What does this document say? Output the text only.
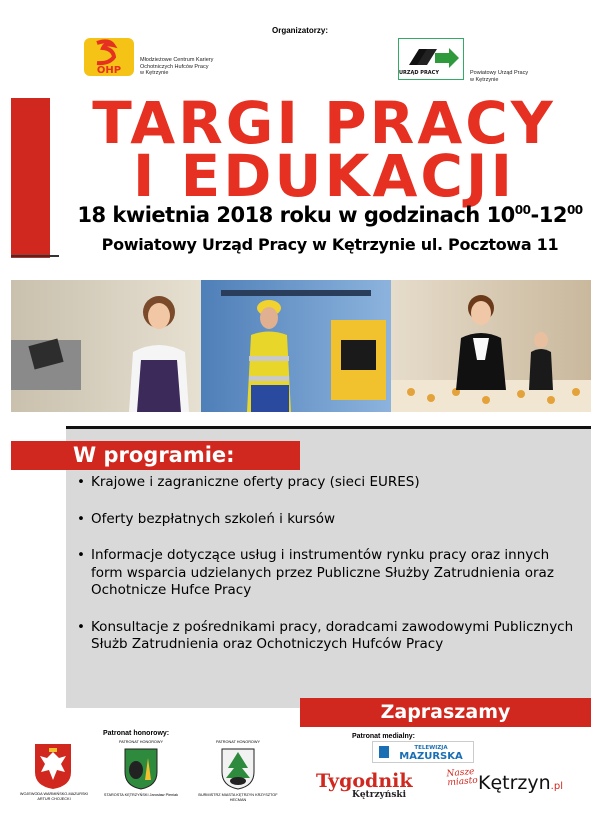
Organizatorzy:
OHP
Młodzieżowe Centrum Kariery
Ochotniczych Hufców Pracy
w Kętrzynie	URZĄD PRACY	Powiatowy Urząd Pracy
w Kętrzynie
TARGI PRACY
I EDUKACJI
18 kwietnia 2018 roku w godzinach $10^{00}-12^{00}$
Powiatowy Urząd Pracy w Kętrzynie ul. Pocztowa 11
W programie:
• Krajowe i zagraniczne oferty pracy (sieci EURES)
• Oferty bezpłatnych szkoleń i kursów
• Informacje dotyczące usług i instrumentów rynku pracy oraz innych form wsparcia udzielanych przez Publiczne Służby Zatrudnienia oraz Ochotnicze Hufce Pracy
• Konsultacje z pośrednikami pracy, doradcami zawodowymi Publicznych Służb Zatrudnienia oraz Ochotniczych Hufców Pracy
Zapraszamy
Patronat honorowy:	Patronat medialny:
WOJEWODA WARMIŃSKO-MAZURSKI ARTUR CHOJECKI
PATRONAT HONOROWY
STAROSTA KĘTRZYŃSKI Jarosław Pieniak
PATRONAT HONOROWY
BURMISTRZ MIASTA KĘTRZYN KRZYSZTOF HECMAN
TELEWIZJA
MAZURSKA
Tygodnik
Kętrzyński
Nasze miasto Kętrzyn.pl
